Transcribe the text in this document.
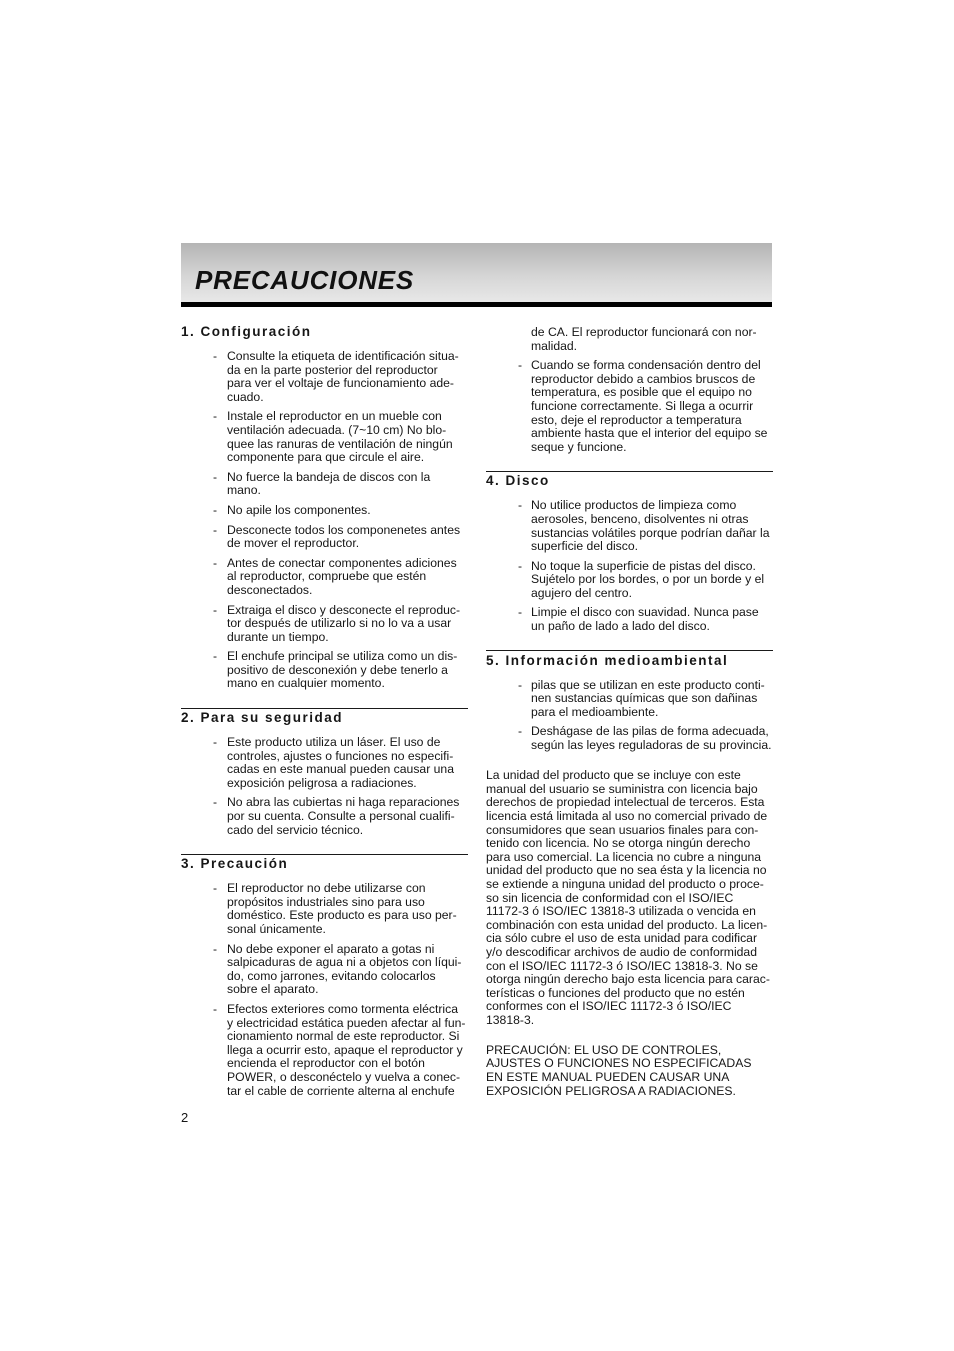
PRECAUCIONES
1. Configuración
- Consulte la etiqueta de identificación situa-
da en la parte posterior del reproductor
para ver el voltaje de funcionamiento ade-
cuado.
- Instale el reproductor en un mueble con
ventilación adecuada. (7~10 cm) No blo-
quee las ranuras de ventilación de ningún
componente para que circule el aire.
- No fuerce la bandeja de discos con la
mano.
- No apile los componentes.
- Desconecte todos los componenetes antes
de mover el reproductor.
- Antes de conectar componentes adiciones
al reproductor, compruebe que estén
desconectados.
- Extraiga el disco y desconecte el reproduc-
tor después de utilizarlo si no lo va a usar
durante un tiempo.
- El enchufe principal se utiliza como un dis-
positivo de desconexión y debe tenerlo a
mano en cualquier momento.
2. Para su seguridad
- Este producto utiliza un láser. El uso de
controles, ajustes o funciones no especifi-
cadas en este manual pueden causar una
exposición peligrosa a radiaciones.
- No abra las cubiertas ni haga reparaciones
por su cuenta. Consulte a personal cualifi-
cado del servicio técnico.
3. Precaución
- El reproductor no debe utilizarse con
propósitos industriales sino para uso
doméstico. Este producto es para uso per-
sonal únicamente.
- No debe exponer el aparato a gotas ni
salpicaduras de agua ni a objetos con líqui-
do, como jarrones, evitando colocarlos
sobre el aparato.
- Efectos exteriores como tormenta eléctrica
y electricidad estática pueden afectar al fun-
cionamiento normal de este reproductor. Si
llega a ocurrir esto, apaque el reproductor y
encienda el reproductor con el botón
POWER, o desconéctelo y vuelva a conec-
tar el cable de corriente alterna al enchufe
de CA. El reproductor funcionará con nor-
malidad.
- Cuando se forma condensación dentro del
reproductor debido a cambios bruscos de
temperatura, es posible que el equipo no
funcione correctamente. Si llega a ocurrir
esto, deje el reproductor a temperatura
ambiente hasta que el interior del equipo se
seque y funcione.
4. Disco
- No utilice productos de limpieza como
aerosoles, benceno, disolventes ni otras
sustancias volátiles porque podrían dañar la
superficie del disco.
- No toque la superficie de pistas del disco.
Sujételo por los bordes, o por un borde y el
agujero del centro.
- Limpie el disco con suavidad. Nunca pase
un paño de lado a lado del disco.
5. Información medioambiental
- pilas que se utilizan en este producto conti-
nen sustancias químicas que son dañinas
para el medioambiente.
- Deshágase de las pilas de forma adecuada,
según las leyes reguladoras de su provincia.
La unidad del producto que se incluye con este
manual del usuario se suministra con licencia bajo
derechos de propiedad intelectual de terceros. Esta
licencia está limitada al uso no comercial privado de
consumidores que sean usuarios finales para con-
tenido con licencia. No se otorga ningún derecho
para uso comercial. La licencia no cubre a ninguna
unidad del producto que no sea ésta y la licencia no
se extiende a ninguna unidad del producto o proce-
so sin licencia de conformidad con el ISO/IEC
11172-3 ó ISO/IEC 13818-3 utilizada o vencida en
combinación con esta unidad del producto. La licen-
cia sólo cubre el uso de esta unidad para codificar
y/o descodificar archivos de audio de conformidad
con el ISO/IEC 11172-3 ó ISO/IEC 13818-3. No se
otorga ningún derecho bajo esta licencia para carac-
terísticas o funciones del producto que no estén
conformes con el ISO/IEC 11172-3 ó ISO/IEC
13818-3.
PRECAUCIÓN: EL USO DE CONTROLES,
AJUSTES O FUNCIONES NO ESPECIFICADAS
EN ESTE MANUAL PUEDEN CAUSAR UNA
EXPOSICIÓN PELIGROSA A RADIACIONES.
2
